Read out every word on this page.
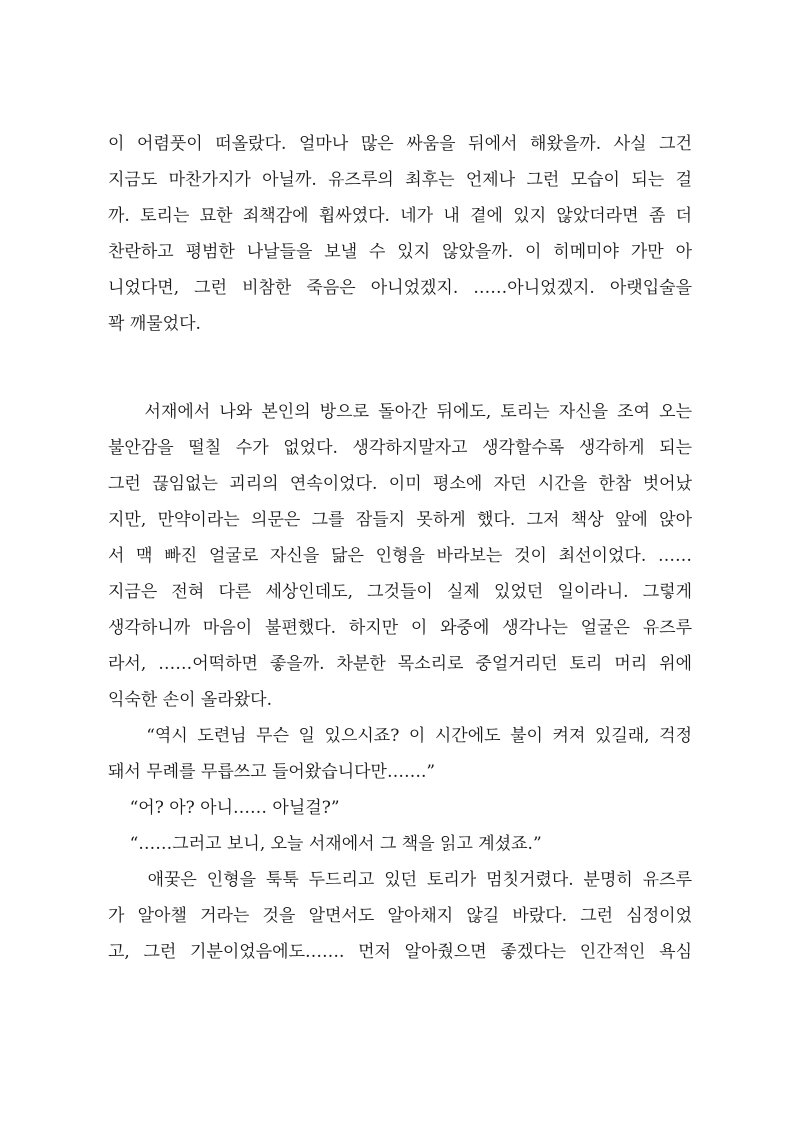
이 어렴풋이 떠올랐다. 얼마나 많은 싸움을 뒤에서 해왔을까. 사실 그건
지금도 마찬가지가 아닐까. 유즈루의 최후는 언제나 그런 모습이 되는 걸
까. 토리는 묘한 죄책감에 휩싸였다. 네가 내 곁에 있지 않았더라면 좀 더
찬란하고 평범한 나날들을 보낼 수 있지 않았을까. 이 히메미야 가만 아
니었다면, 그런 비참한 죽음은 아니었겠지. ……아니었겠지. 아랫입술을
꽉 깨물었다.
서재에서 나와 본인의 방으로 돌아간 뒤에도, 토리는 자신을 조여 오는
불안감을 떨칠 수가 없었다. 생각하지말자고 생각할수록 생각하게 되는
그런 끊임없는 괴리의 연속이었다. 이미 평소에 자던 시간을 한참 벗어났
지만, 만약이라는 의문은 그를 잠들지 못하게 했다. 그저 책상 앞에 앉아
서 맥 빠진 얼굴로 자신을 닮은 인형을 바라보는 것이 최선이었다. ……
지금은 전혀 다른 세상인데도, 그것들이 실제 있었던 일이라니. 그렇게
생각하니까 마음이 불편했다. 하지만 이 와중에 생각나는 얼굴은 유즈루
라서, ……어떡하면 좋을까. 차분한 목소리로 중얼거리던 토리 머리 위에
익숙한 손이 올라왔다.
“역시 도련님 무슨 일 있으시죠? 이 시간에도 불이 켜져 있길래, 걱정
돼서 무례를 무릅쓰고 들어왔습니다만…….”
“어? 아? 아니…… 아닐걸?”
“……그러고 보니, 오늘 서재에서 그 책을 읽고 계셨죠.”
애꿎은 인형을 툭툭 두드리고 있던 토리가 멈칫거렸다. 분명히 유즈루
가 알아챌 거라는 것을 알면서도 알아채지 않길 바랐다. 그런 심정이었
고, 그런 기분이었음에도……. 먼저 알아줬으면 좋겠다는 인간적인 욕심
